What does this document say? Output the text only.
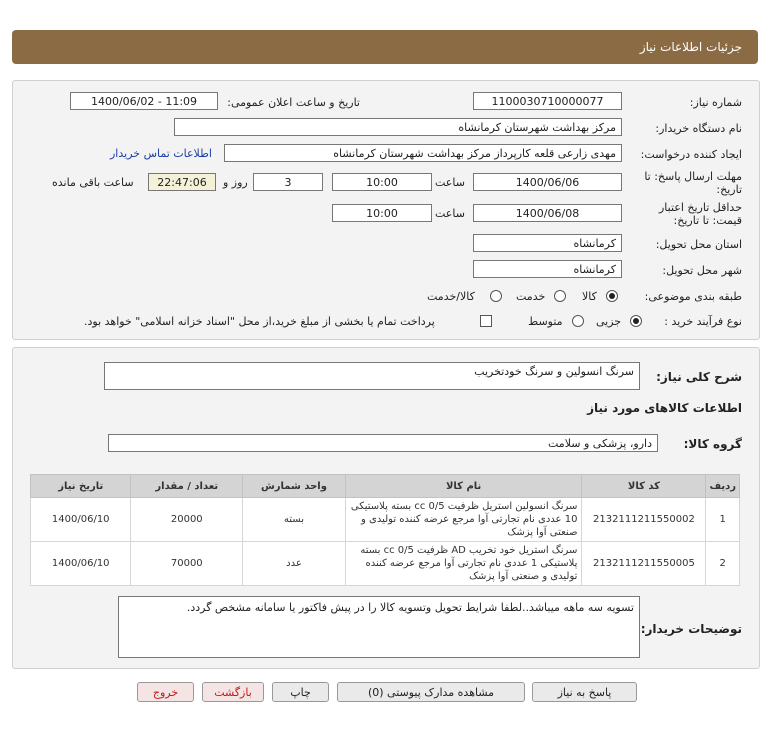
جزئیات اطلاعات نیاز
شماره نیاز:
1100030710000077
تاریخ و ساعت اعلان عمومی:
1400/06/02 - 11:09
نام دستگاه خریدار:
مرکز بهداشت شهرستان کرمانشاه
ایجاد کننده درخواست:
مهدی زارعی قلعه کارپرداز مرکز بهداشت شهرستان کرمانشاه
اطلاعات تماس خریدار
مهلت ارسال پاسخ: تا
تاریخ:
1400/06/06
ساعت
10:00
3
روز و
22:47:06
ساعت باقی مانده
حداقل تاریخ اعتبار
قیمت: تا تاریخ:
1400/06/08
ساعت
10:00
استان محل تحویل:
کرمانشاه
شهر محل تحویل:
کرمانشاه
طبقه بندی موضوعی:
کالا
خدمت
کالا/خدمت
نوع فرآیند خرید :
جزیی
متوسط
پرداخت تمام یا بخشی از مبلغ خرید،از محل "اسناد خزانه اسلامی" خواهد بود.
شرح کلی نیاز:
سرنگ انسولین و سرنگ خودتخریب
اطلاعات کالاهای مورد نیاز
گروه کالا:
دارو، پزشکی و سلامت
ردیف	کد کالا	نام کالا	واحد شمارش	تعداد / مقدار	تاریخ نیاز
1	2132111211550002	سرنگ انسولین استریل ظرفیت cc 0/5 بسته پلاستیکی 10 عددی نام تجارتی آوا مرجع عرضه کننده تولیدی و صنعتی آوا پزشک	بسته	20000	1400/06/10
2	2132111211550005	سرنگ استریل خود تخریب AD ظرفیت cc 0/5 بسته پلاستیکی 1 عددی نام تجارتی آوا مرجع عرضه کننده تولیدی و صنعتی آوا پزشک	عدد	70000	1400/06/10
توضیحات خریدار:
تسویه سه ماهه میباشد..لطفا شرایط تحویل وتسویه کالا را در پیش فاکتور یا سامانه مشخص گردد.
پاسخ به نیاز
مشاهده مدارک پیوستی (0)
چاپ
بازگشت
خروج
